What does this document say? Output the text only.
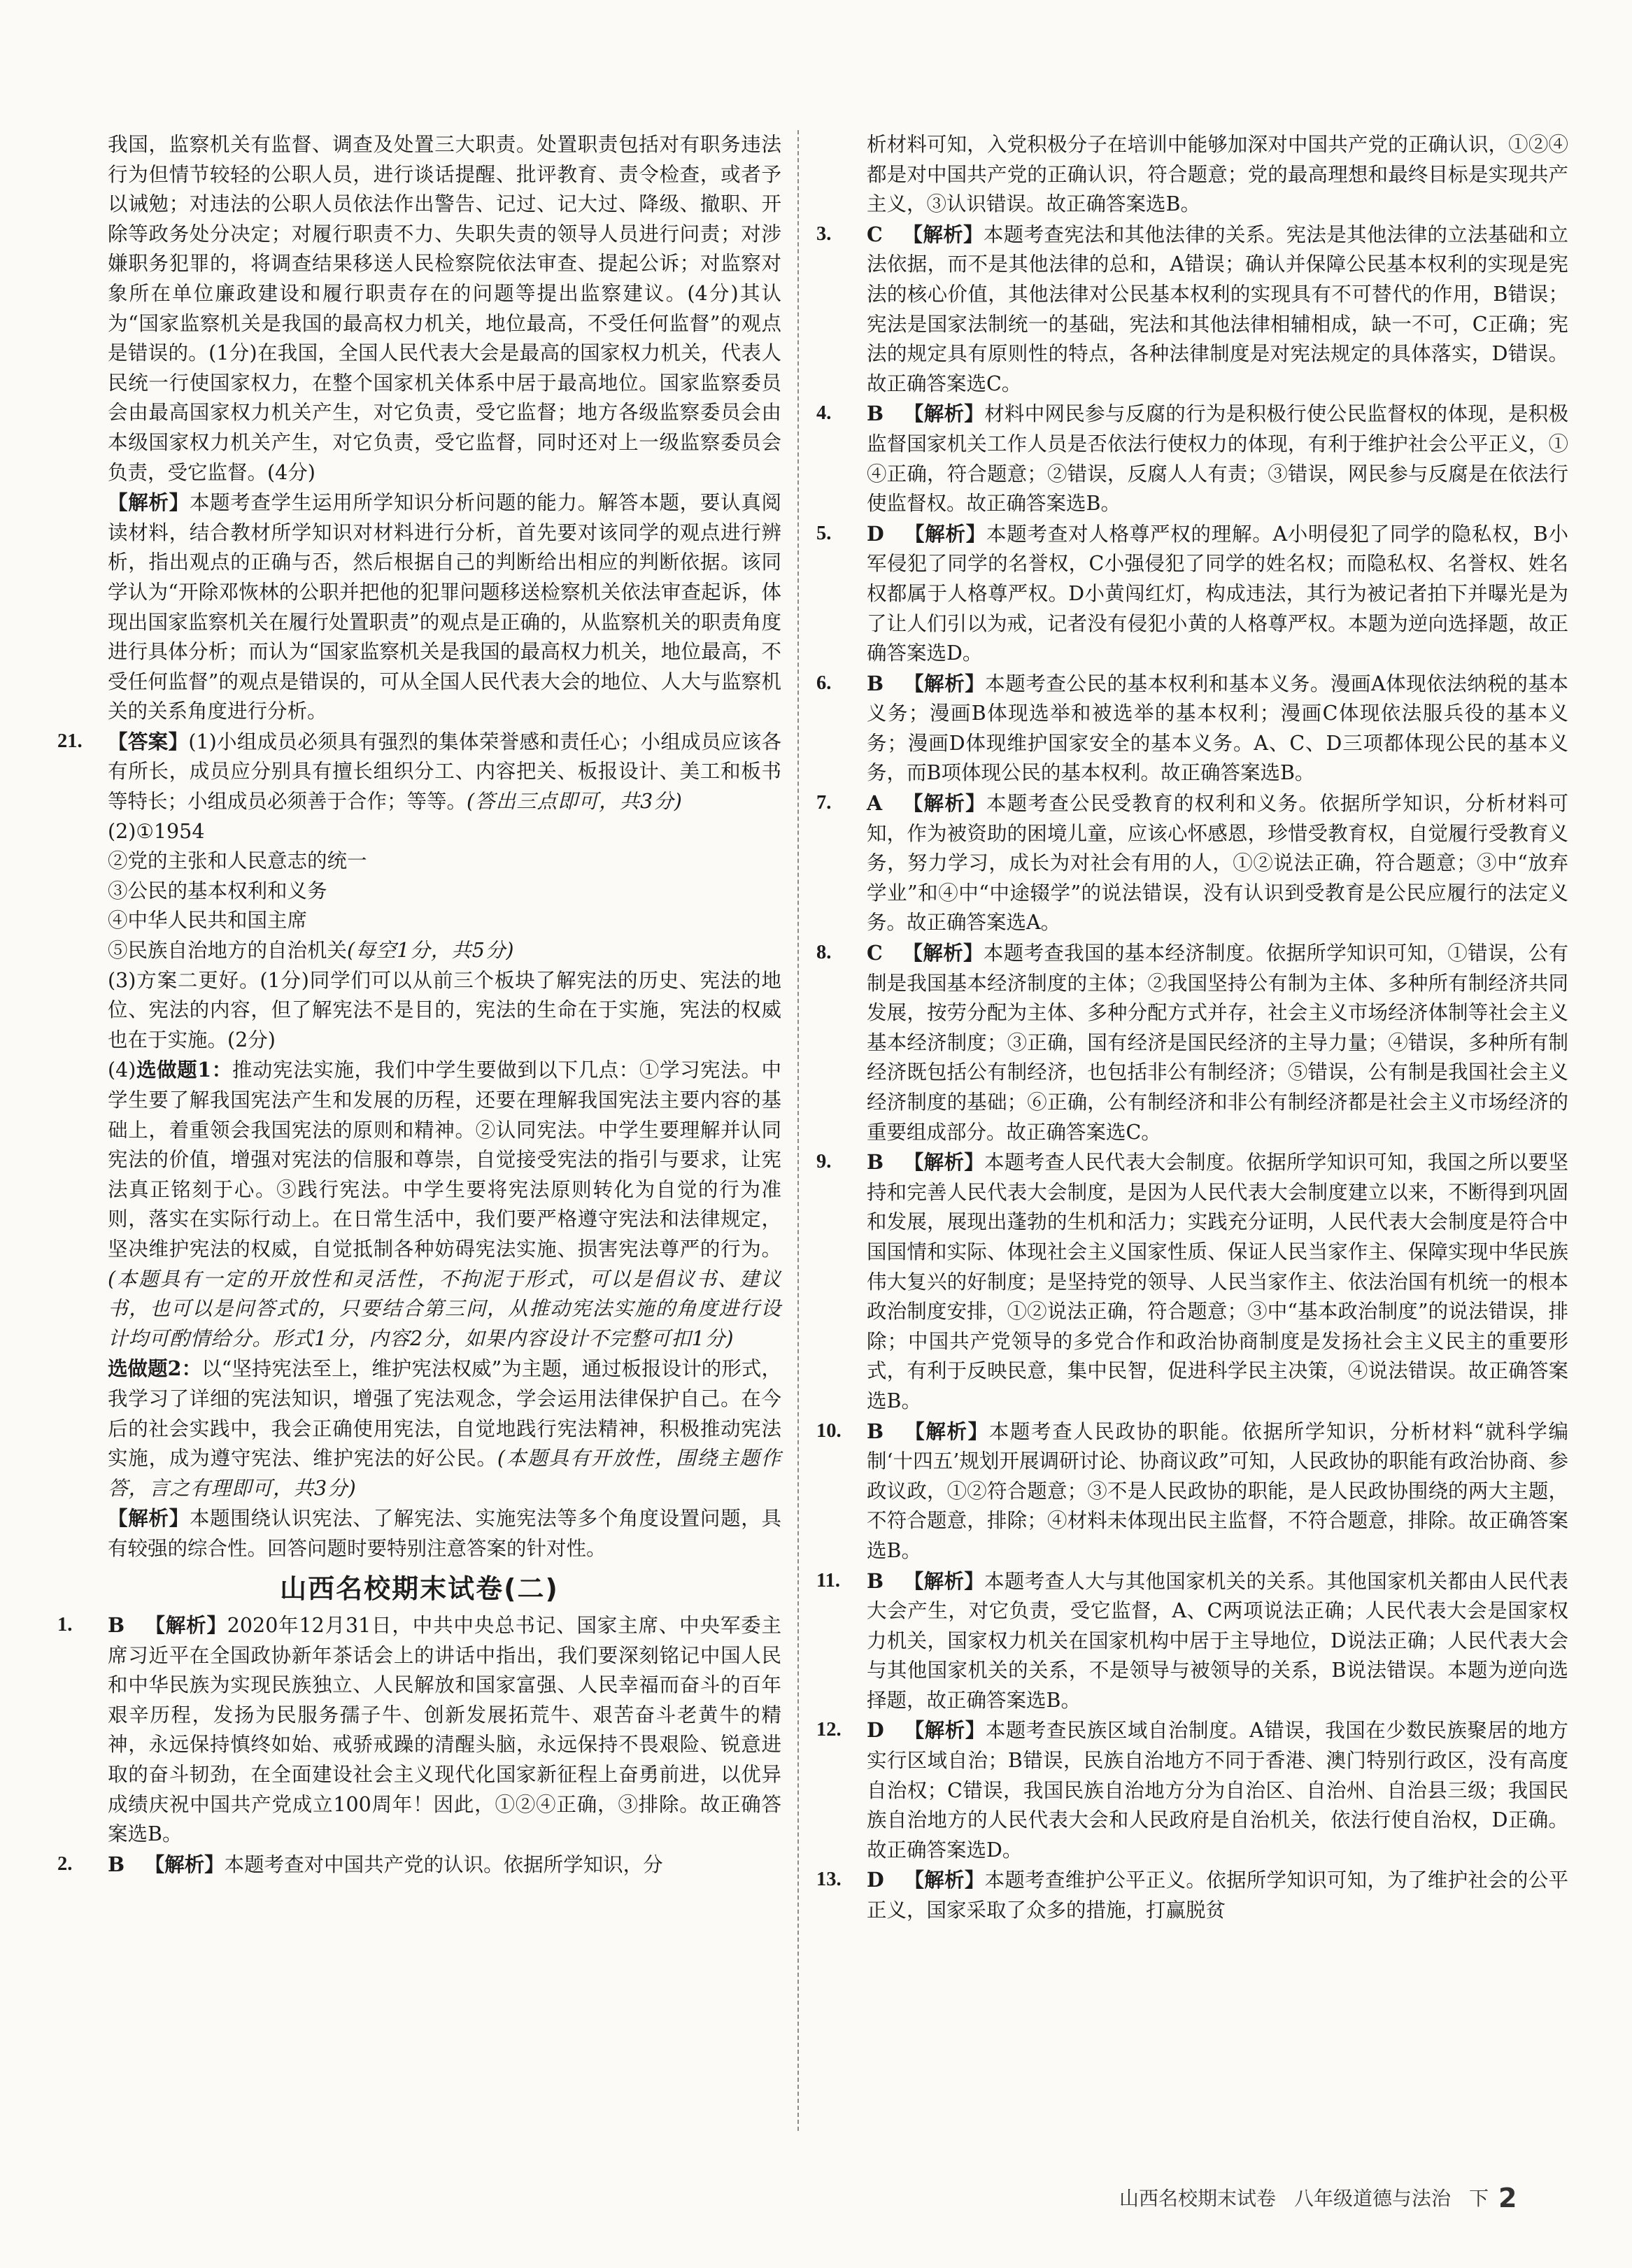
我国，监察机关有监督、调查及处置三大职责。处置职责包括对有职务违法行为但情节较轻的公职人员，进行谈话提醒、批评教育、责令检查，或者予以诫勉；对违法的公职人员依法作出警告、记过、记大过、降级、撤职、开除等政务处分决定；对履行职责不力、失职失责的领导人员进行问责；对涉嫌职务犯罪的，将调查结果移送人民检察院依法审查、提起公诉；对监察对象所在单位廉政建设和履行职责存在的问题等提出监察建议。(4分)其认为“国家监察机关是我国的最高权力机关，地位最高，不受任何监督”的观点是错误的。(1分)在我国，全国人民代表大会是最高的国家权力机关，代表人民统一行使国家权力，在整个国家机关体系中居于最高地位。国家监察委员会由最高国家权力机关产生，对它负责，受它监督；地方各级监察委员会由本级国家权力机关产生，对它负责，受它监督，同时还对上一级监察委员会负责，受它监督。(4分)

【解析】本题考查学生运用所学知识分析问题的能力。解答本题，要认真阅读材料，结合教材所学知识对材料进行分析，首先要对该同学的观点进行辨析，指出观点的正确与否，然后根据自己的判断给出相应的判断依据。该同学认为“开除邓恢林的公职并把他的犯罪问题移送检察机关依法审查起诉，体现出国家监察机关在履行处置职责”的观点是正确的，从监察机关的职责角度进行具体分析；而认为“国家监察机关是我国的最高权力机关，地位最高，不受任何监督”的观点是错误的，可从全国人民代表大会的地位、人大与监察机关的关系角度进行分析。

21. 【答案】(1)小组成员必须具有强烈的集体荣誉感和责任心；小组成员应该各有所长，成员应分别具有擅长组织分工、内容把关、板报设计、美工和板书等特长；小组成员必须善于合作；等等。(答出三点即可，共3分)

(2)①1954

②党的主张和人民意志的统一

③公民的基本权利和义务

④中华人民共和国主席

⑤民族自治地方的自治机关(每空1分，共5分)

(3)方案二更好。(1分)同学们可以从前三个板块了解宪法的历史、宪法的地位、宪法的内容，但了解宪法不是目的，宪法的生命在于实施，宪法的权威也在于实施。(2分)

(4)选做题1：推动宪法实施，我们中学生要做到以下几点：①学习宪法。中学生要了解我国宪法产生和发展的历程，还要在理解我国宪法主要内容的基础上，着重领会我国宪法的原则和精神。②认同宪法。中学生要理解并认同宪法的价值，增强对宪法的信服和尊崇，自觉接受宪法的指引与要求，让宪法真正铭刻于心。③践行宪法。中学生要将宪法原则转化为自觉的行为准则，落实在实际行动上。在日常生活中，我们要严格遵守宪法和法律规定，坚决维护宪法的权威，自觉抵制各种妨碍宪法实施、损害宪法尊严的行为。(本题具有一定的开放性和灵活性，不拘泥于形式，可以是倡议书、建议书，也可以是问答式的，只要结合第三问，从推动宪法实施的角度进行设计均可酌情给分。形式1分，内容2分，如果内容设计不完整可扣1分)

选做题2：以“坚持宪法至上，维护宪法权威”为主题，通过板报设计的形式，我学习了详细的宪法知识，增强了宪法观念，学会运用法律保护自己。在今后的社会实践中，我会正确使用宪法，自觉地践行宪法精神，积极推动宪法实施，成为遵守宪法、维护宪法的好公民。(本题具有开放性，围绕主题作答，言之有理即可，共3分)

【解析】本题围绕认识宪法、了解宪法、实施宪法等多个角度设置问题，具有较强的综合性。回答问题时要特别注意答案的针对性。

山西名校期末试卷(二)
1. B  【解析】2020年12月31日，中共中央总书记、国家主席、中央军委主席习近平在全国政协新年茶话会上的讲话中指出，我们要深刻铭记中国人民和中华民族为实现民族独立、人民解放和国家富强、人民幸福而奋斗的百年艰辛历程，发扬为民服务孺子牛、创新发展拓荒牛、艰苦奋斗老黄牛的精神，永远保持慎终如始、戒骄戒躁的清醒头脑，永远保持不畏艰险、锐意进取的奋斗韧劲，在全面建设社会主义现代化国家新征程上奋勇前进，以优异成绩庆祝中国共产党成立100周年！因此，①②④正确，③排除。故正确答案选B。

2. B  【解析】本题考查对中国共产党的认识。依据所学知识，分

析材料可知，入党积极分子在培训中能够加深对中国共产党的正确认识，①②④都是对中国共产党的正确认识，符合题意；党的最高理想和最终目标是实现共产主义，③认识错误。故正确答案选B。

3. C  【解析】本题考查宪法和其他法律的关系。宪法是其他法律的立法基础和立法依据，而不是其他法律的总和，A错误；确认并保障公民基本权利的实现是宪法的核心价值，其他法律对公民基本权利的实现具有不可替代的作用，B错误；宪法是国家法制统一的基础，宪法和其他法律相辅相成，缺一不可，C正确；宪法的规定具有原则性的特点，各种法律制度是对宪法规定的具体落实，D错误。故正确答案选C。

4. B  【解析】材料中网民参与反腐的行为是积极行使公民监督权的体现，是积极监督国家机关工作人员是否依法行使权力的体现，有利于维护社会公平正义，①④正确，符合题意；②错误，反腐人人有责；③错误，网民参与反腐是在依法行使监督权。故正确答案选B。

5. D  【解析】本题考查对人格尊严权的理解。A小明侵犯了同学的隐私权，B小军侵犯了同学的名誉权，C小强侵犯了同学的姓名权；而隐私权、名誉权、姓名权都属于人格尊严权。D小黄闯红灯，构成违法，其行为被记者拍下并曝光是为了让人们引以为戒，记者没有侵犯小黄的人格尊严权。本题为逆向选择题，故正确答案选D。

6. B  【解析】本题考查公民的基本权利和基本义务。漫画A体现依法纳税的基本义务；漫画B体现选举和被选举的基本权利；漫画C体现依法服兵役的基本义务；漫画D体现维护国家安全的基本义务。A、C、D三项都体现公民的基本义务，而B项体现公民的基本权利。故正确答案选B。

7. A  【解析】本题考查公民受教育的权利和义务。依据所学知识，分析材料可知，作为被资助的困境儿童，应该心怀感恩，珍惜受教育权，自觉履行受教育义务，努力学习，成长为对社会有用的人，①②说法正确，符合题意；③中“放弃学业”和④中“中途辍学”的说法错误，没有认识到受教育是公民应履行的法定义务。故正确答案选A。

8. C  【解析】本题考查我国的基本经济制度。依据所学知识可知，①错误，公有制是我国基本经济制度的主体；②我国坚持公有制为主体、多种所有制经济共同发展，按劳分配为主体、多种分配方式并存，社会主义市场经济体制等社会主义基本经济制度；③正确，国有经济是国民经济的主导力量；④错误，多种所有制经济既包括公有制经济，也包括非公有制经济；⑤错误，公有制是我国社会主义经济制度的基础；⑥正确，公有制经济和非公有制经济都是社会主义市场经济的重要组成部分。故正确答案选C。

9. B  【解析】本题考查人民代表大会制度。依据所学知识可知，我国之所以要坚持和完善人民代表大会制度，是因为人民代表大会制度建立以来，不断得到巩固和发展，展现出蓬勃的生机和活力；实践充分证明，人民代表大会制度是符合中国国情和实际、体现社会主义国家性质、保证人民当家作主、保障实现中华民族伟大复兴的好制度；是坚持党的领导、人民当家作主、依法治国有机统一的根本政治制度安排，①②说法正确，符合题意；③中“基本政治制度”的说法错误，排除；中国共产党领导的多党合作和政治协商制度是发扬社会主义民主的重要形式，有利于反映民意，集中民智，促进科学民主决策，④说法错误。故正确答案选B。

10. B  【解析】本题考查人民政协的职能。依据所学知识，分析材料“就科学编制‘十四五’规划开展调研讨论、协商议政”可知，人民政协的职能有政治协商、参政议政，①②符合题意；③不是人民政协的职能，是人民政协围绕的两大主题，不符合题意，排除；④材料未体现出民主监督，不符合题意，排除。故正确答案选B。

11. B  【解析】本题考查人大与其他国家机关的关系。其他国家机关都由人民代表大会产生，对它负责，受它监督，A、C两项说法正确；人民代表大会是国家权力机关，国家权力机关在国家机构中居于主导地位，D说法正确；人民代表大会与其他国家机关的关系，不是领导与被领导的关系，B说法错误。本题为逆向选择题，故正确答案选B。

12. D  【解析】本题考查民族区域自治制度。A错误，我国在少数民族聚居的地方实行区域自治；B错误，民族自治地方不同于香港、澳门特别行政区，没有高度自治权；C错误，我国民族自治地方分为自治区、自治州、自治县三级；我国民族自治地方的人民代表大会和人民政府是自治机关，依法行使自治权，D正确。故正确答案选D。

13. D  【解析】本题考查维护公平正义。依据所学知识可知，为了维护社会的公平正义，国家采取了众多的措施，打赢脱贫

山西名校期末试卷 八年级道德与法治 下 2
